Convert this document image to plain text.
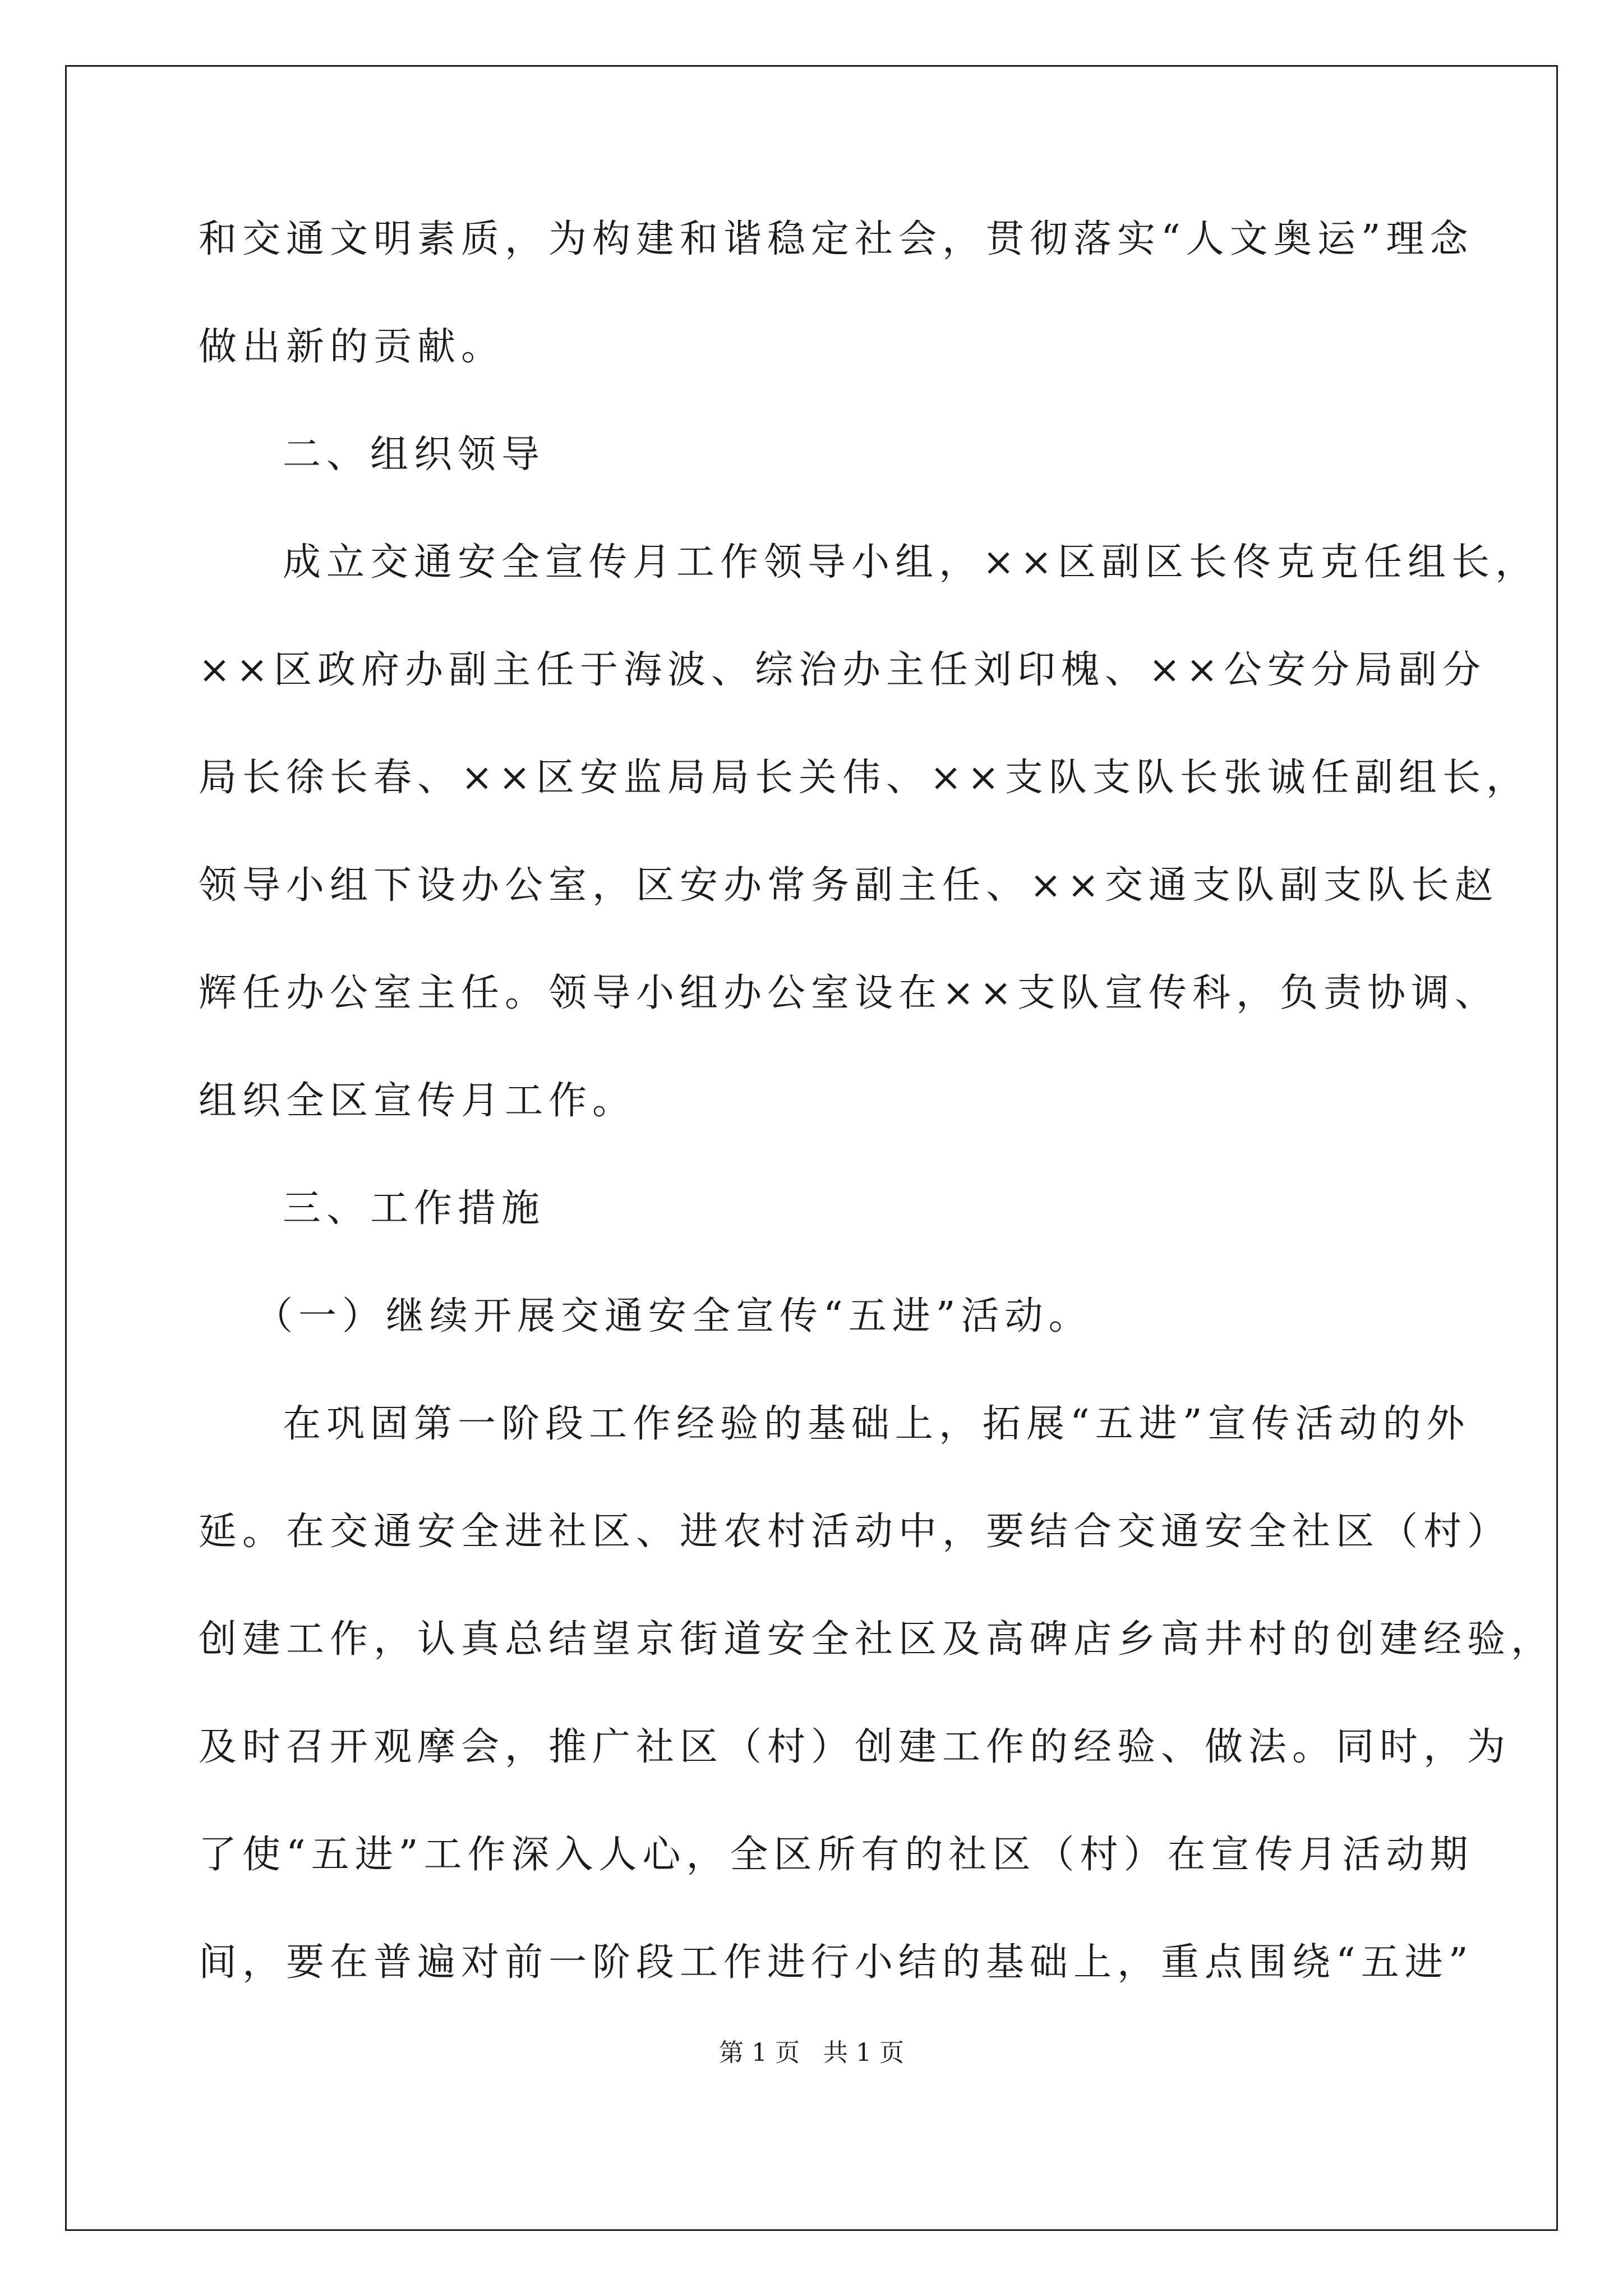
和交通文明素质，为构建和谐稳定社会，贯彻落实“人文奥运”理念
做出新的贡献。
二、组织领导
成立交通安全宣传月工作领导小组，××区副区长佟克克任组长，
××区政府办副主任于海波、综治办主任刘印槐、××公安分局副分
局长徐长春、××区安监局局长关伟、××支队支队长张诚任副组长，
领导小组下设办公室，区安办常务副主任、××交通支队副支队长赵
辉任办公室主任。领导小组办公室设在××支队宣传科，负责协调、
组织全区宣传月工作。
三、工作措施
（一）继续开展交通安全宣传“五进”活动。
在巩固第一阶段工作经验的基础上，拓展“五进”宣传活动的外
延。在交通安全进社区、进农村活动中，要结合交通安全社区（村）
创建工作，认真总结望京街道安全社区及高碑店乡高井村的创建经验，
及时召开观摩会，推广社区（村）创建工作的经验、做法。同时，为
了使“五进”工作深入人心，全区所有的社区（村）在宣传月活动期
间，要在普遍对前一阶段工作进行小结的基础上，重点围绕“五进”
第 1 页   共 1 页
